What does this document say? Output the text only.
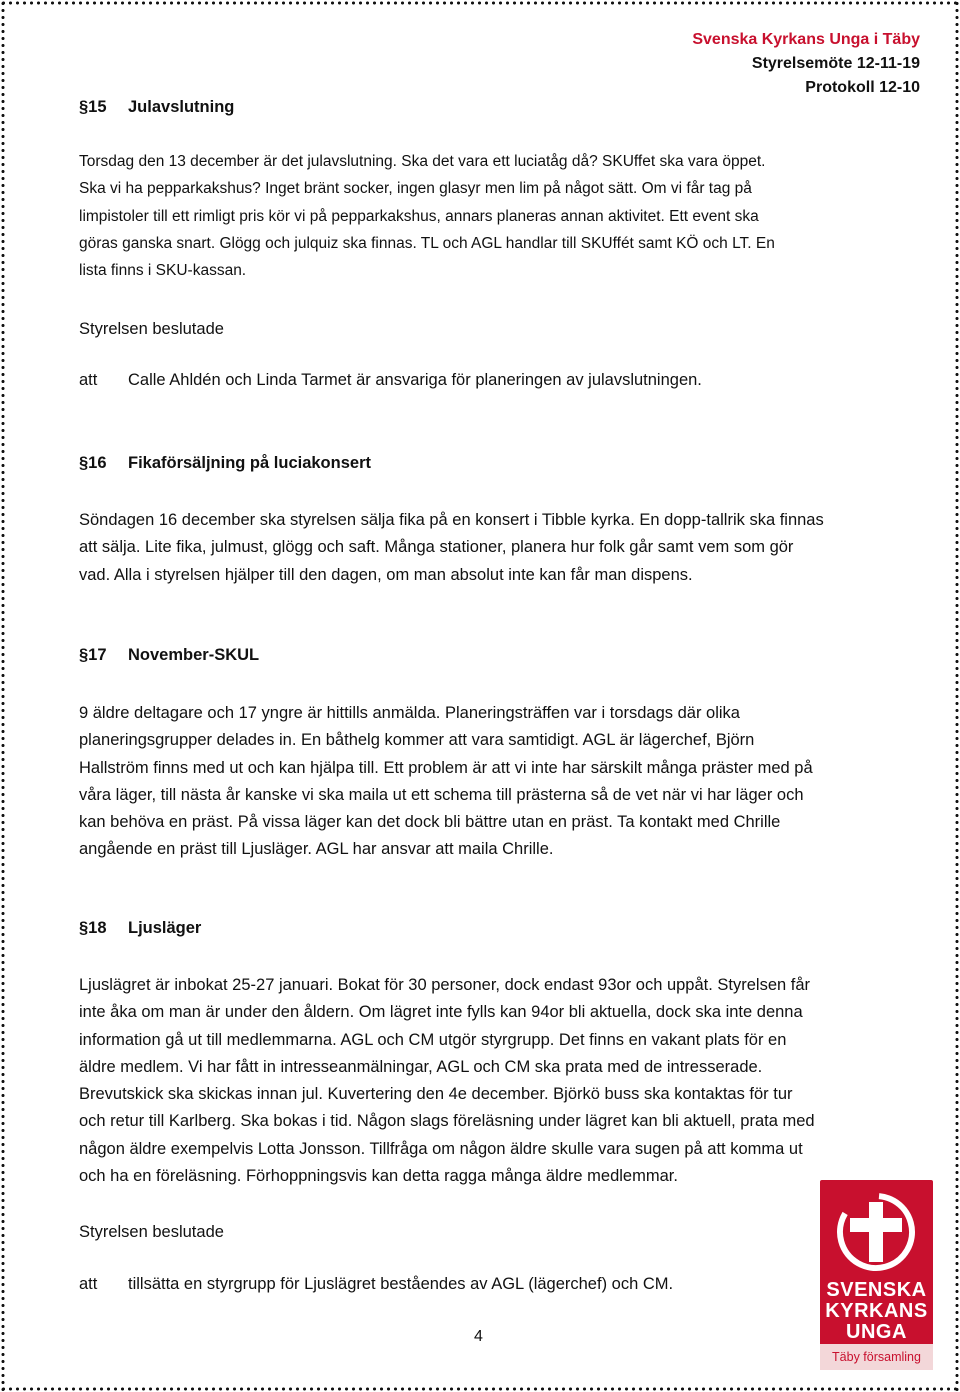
Svenska Kyrkans Unga i Täby
Styrelsemöte 12-11-19
Protokoll 12-10
§15 Julavslutning
Torsdag den 13 december är det julavslutning. Ska det vara ett luciatåg då? SKUffet ska vara öppet.
Ska vi ha pepparkakshus? Inget bränt socker, ingen glasyr men lim på något sätt. Om vi får tag på
limpistoler till ett rimligt pris kör vi på pepparkakshus, annars planeras annan aktivitet. Ett event ska
göras ganska snart. Glögg och julquiz ska finnas. TL och AGL handlar till SKUffét samt KÖ och LT. En
lista finns i SKU-kassan.
Styrelsen beslutade
att Calle Ahldén och Linda Tarmet är ansvariga för planeringen av julavslutningen.
§16 Fikaförsäljning på luciakonsert
Söndagen 16 december ska styrelsen sälja fika på en konsert i Tibble kyrka. En dopp-tallrik ska finnas
att sälja. Lite fika, julmust, glögg och saft. Många stationer, planera hur folk går samt vem som gör
vad. Alla i styrelsen hjälper till den dagen, om man absolut inte kan får man dispens.
§17 November-SKUL
9 äldre deltagare och 17 yngre är hittills anmälda. Planeringsträffen var i torsdags där olika
planeringsgrupper delades in. En båthelg kommer att vara samtidigt. AGL är lägerchef, Björn
Hallström finns med ut och kan hjälpa till. Ett problem är att vi inte har särskilt många präster med på
våra läger, till nästa år kanske vi ska maila ut ett schema till prästerna så de vet när vi har läger och
kan behöva en präst. På vissa läger kan det dock bli bättre utan en präst. Ta kontakt med Chrille
angående en präst till Ljusläger. AGL har ansvar att maila Chrille.
§18 Ljusläger
Ljuslägret är inbokat 25-27 januari. Bokat för 30 personer, dock endast 93or och uppåt. Styrelsen får
inte åka om man är under den åldern. Om lägret inte fylls kan 94or bli aktuella, dock ska inte denna
information gå ut till medlemmarna. AGL och CM utgör styrgrupp. Det finns en vakant plats för en
äldre medlem. Vi har fått in intresseanmälningar, AGL och CM ska prata med de intresserade.
Brevutskick ska skickas innan jul. Kuvertering den 4e december. Björkö buss ska kontaktas för tur
och retur till Karlberg. Ska bokas i tid. Någon slags föreläsning under lägret kan bli aktuell, prata med
någon äldre exempelvis Lotta Jonsson. Tillfråga om någon äldre skulle vara sugen på att komma ut
och ha en föreläsning. Förhoppningsvis kan detta ragga många äldre medlemmar.
Styrelsen beslutade
att tillsätta en styrgrupp för Ljuslägret beståendes av AGL (lägerchef) och CM.
4
SVENSKA
KYRKANS
UNGA
Täby församling
